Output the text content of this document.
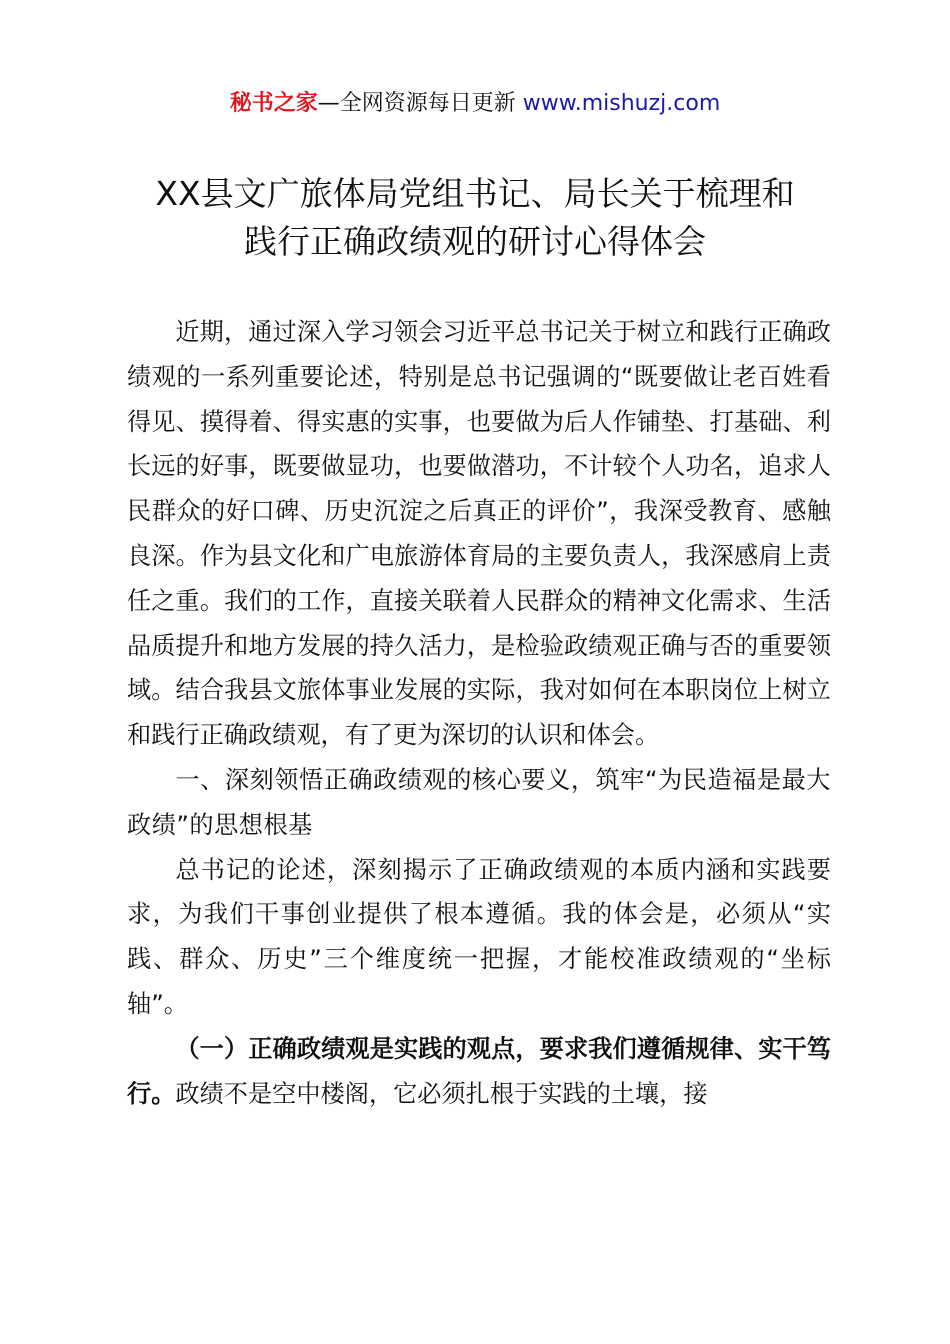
秘书之家—全网资源每日更新 www.mishuzj.com
XX县文广旅体局党组书记、局长关于梳理和
践行正确政绩观的研讨心得体会

近期，通过深入学习领会习近平总书记关于树立和践行正确政绩观的一系列重要论述，特别是总书记强调的“既要做让老百姓看得见、摸得着、得实惠的实事，也要做为后人作铺垫、打基础、利长远的好事，既要做显功，也要做潜功，不计较个人功名，追求人民群众的好口碑、历史沉淀之后真正的评价”，我深受教育、感触良深。作为县文化和广电旅游体育局的主要负责人，我深感肩上责任之重。我们的工作，直接关联着人民群众的精神文化需求、生活品质提升和地方发展的持久活力，是检验政绩观正确与否的重要领域。结合我县文旅体事业发展的实际，我对如何在本职岗位上树立和践行正确政绩观，有了更为深切的认识和体会。

一、深刻领悟正确政绩观的核心要义，筑牢“为民造福是最大政绩”的思想根基

总书记的论述，深刻揭示了正确政绩观的本质内涵和实践要求，为我们干事创业提供了根本遵循。我的体会是，必须从“实践、群众、历史”三个维度统一把握，才能校准政绩观的“坐标轴”。

（一）正确政绩观是实践的观点，要求我们遵循规律、实干笃行。政绩不是空中楼阁，它必须扎根于实践的土壤，接
